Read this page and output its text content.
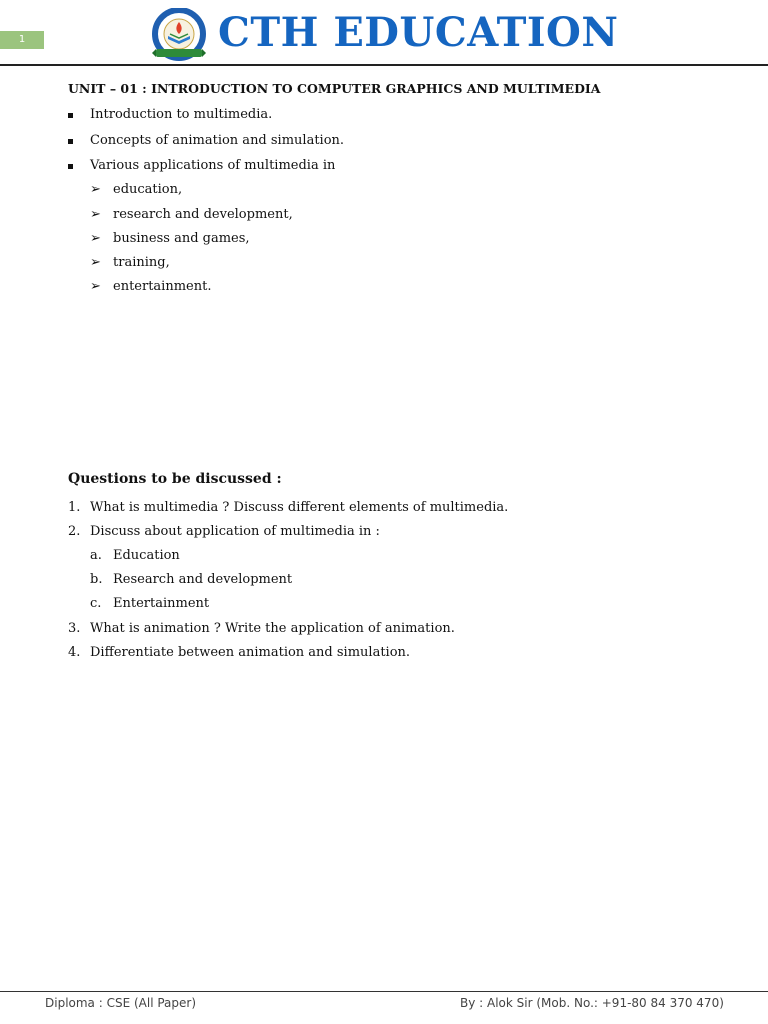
1	CTH EDUCATION
UNIT – 01 : INTRODUCTION TO COMPUTER GRAPHICS AND MULTIMEDIA
Introduction to multimedia.
Concepts of animation and simulation.
Various applications of multimedia in
➢ education,
➢ research and development,
➢ business and games,
➢ training,
➢ entertainment.
Questions to be discussed :
1. What is multimedia ? Discuss different elements of multimedia.
2. Discuss about application of multimedia in :
a. Education
b. Research and development
c. Entertainment
3. What is animation ? Write the application of animation.
4. Differentiate between animation and simulation.
Diploma : CSE (All Paper)	By : Alok Sir (Mob. No.: +91-80 84 370 470)
